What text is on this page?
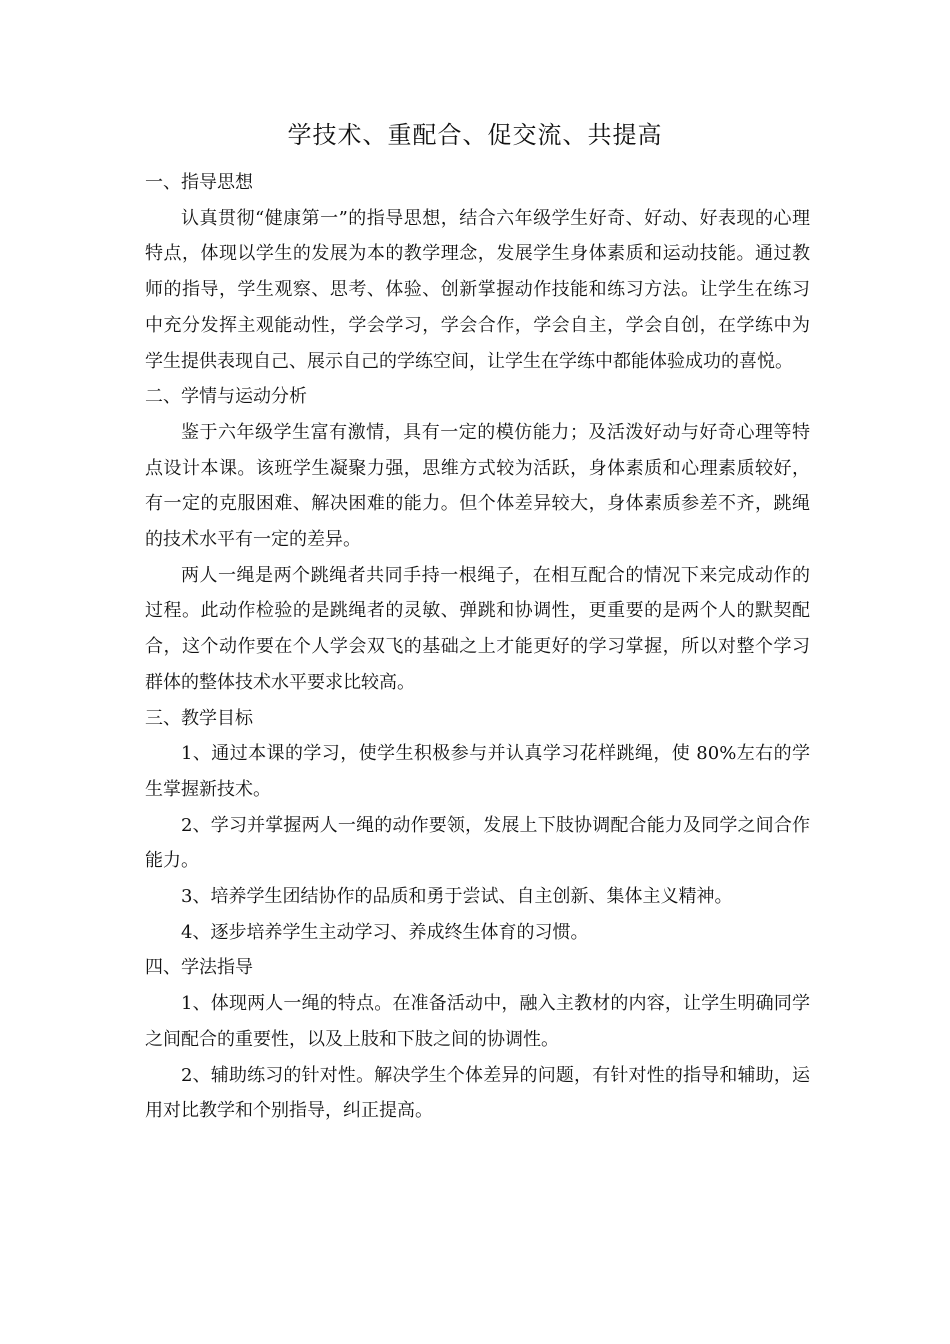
学技术、重配合、促交流、共提高

一、指导思想

认真贯彻“健康第一”的指导思想，结合六年级学生好奇、好动、好表现的心理特点，体现以学生的发展为本的教学理念，发展学生身体素质和运动技能。通过教师的指导，学生观察、思考、体验、创新掌握动作技能和练习方法。让学生在练习中充分发挥主观能动性，学会学习，学会合作，学会自主，学会自创，在学练中为学生提供表现自己、展示自己的学练空间，让学生在学练中都能体验成功的喜悦。

二、学情与运动分析

鉴于六年级学生富有激情，具有一定的模仿能力；及活泼好动与好奇心理等特点设计本课。该班学生凝聚力强，思维方式较为活跃，身体素质和心理素质较好，有一定的克服困难、解决困难的能力。但个体差异较大，身体素质参差不齐，跳绳的技术水平有一定的差异。

两人一绳是两个跳绳者共同手持一根绳子，在相互配合的情况下来完成动作的过程。此动作检验的是跳绳者的灵敏、弹跳和协调性，更重要的是两个人的默契配合，这个动作要在个人学会双飞的基础之上才能更好的学习掌握，所以对整个学习群体的整体技术水平要求比较高。

三、教学目标

1、通过本课的学习，使学生积极参与并认真学习花样跳绳，使 80%左右的学生掌握新技术。

2、学习并掌握两人一绳的动作要领，发展上下肢协调配合能力及同学之间合作能力。

3、培养学生团结协作的品质和勇于尝试、自主创新、集体主义精神。

4、逐步培养学生主动学习、养成终生体育的习惯。

四、学法指导

1、体现两人一绳的特点。在准备活动中，融入主教材的内容，让学生明确同学之间配合的重要性，以及上肢和下肢之间的协调性。

2、辅助练习的针对性。解决学生个体差异的问题，有针对性的指导和辅助，运用对比教学和个别指导，纠正提高。
